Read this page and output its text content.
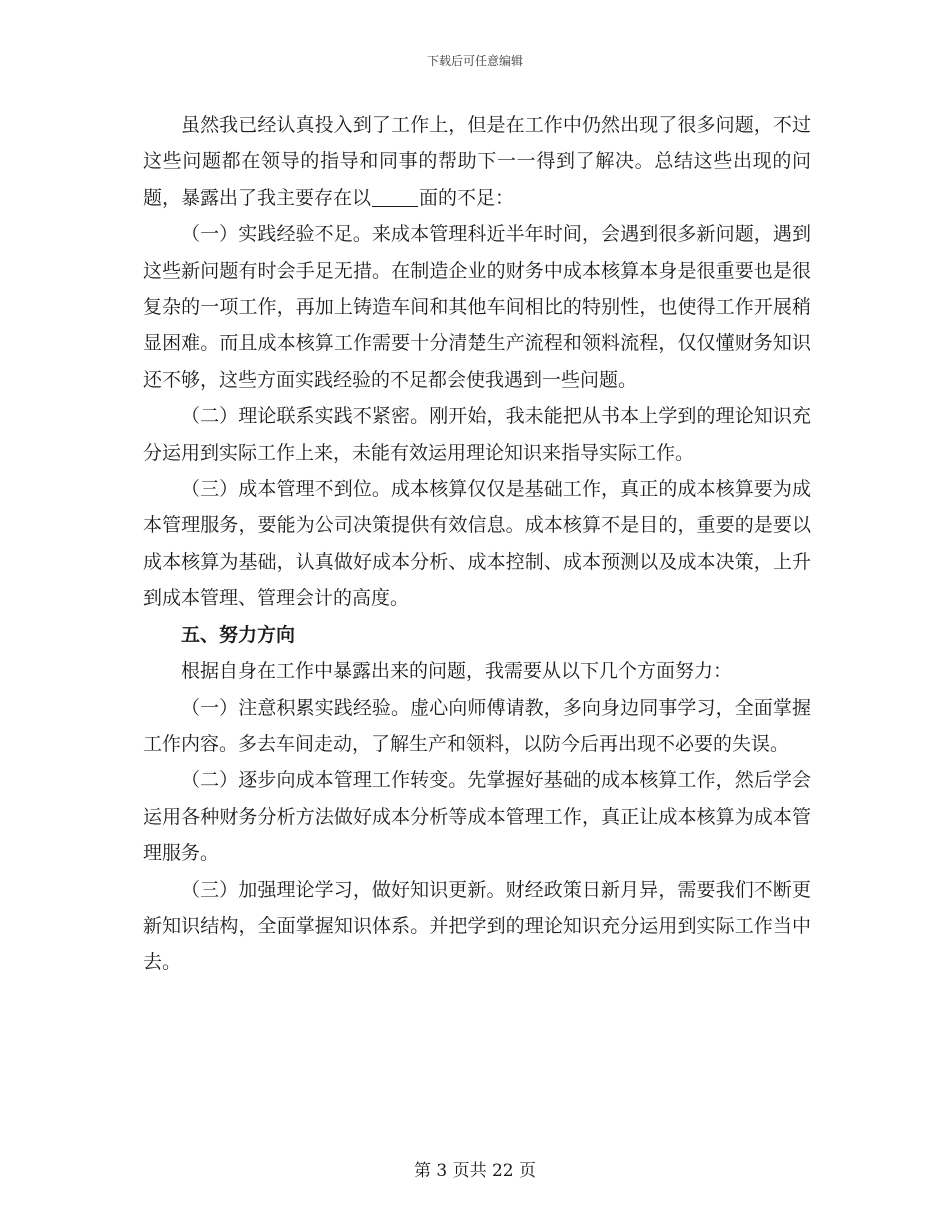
下载后可任意编辑

虽然我已经认真投入到了工作上，但是在工作中仍然出现了很多问题，不过这些问题都在领导的指导和同事的帮助下一一得到了解决。总结这些出现的问题，暴露出了我主要存在以	面的不足：

（一）实践经验不足。来成本管理科近半年时间，会遇到很多新问题，遇到这些新问题有时会手足无措。在制造企业的财务中成本核算本身是很重要也是很复杂的一项工作，再加上铸造车间和其他车间相比的特别性，也使得工作开展稍显困难。而且成本核算工作需要十分清楚生产流程和领料流程，仅仅懂财务知识还不够，这些方面实践经验的不足都会使我遇到一些问题。

（二）理论联系实践不紧密。刚开始，我未能把从书本上学到的理论知识充分运用到实际工作上来，未能有效运用理论知识来指导实际工作。

（三）成本管理不到位。成本核算仅仅是基础工作，真正的成本核算要为成本管理服务，要能为公司决策提供有效信息。成本核算不是目的，重要的是要以成本核算为基础，认真做好成本分析、成本控制、成本预测以及成本决策，上升到成本管理、管理会计的高度。

五、努力方向

根据自身在工作中暴露出来的问题，我需要从以下几个方面努力：

（一）注意积累实践经验。虚心向师傅请教，多向身边同事学习，全面掌握工作内容。多去车间走动，了解生产和领料，以防今后再出现不必要的失误。

（二）逐步向成本管理工作转变。先掌握好基础的成本核算工作，然后学会运用各种财务分析方法做好成本分析等成本管理工作，真正让成本核算为成本管理服务。

（三）加强理论学习，做好知识更新。财经政策日新月异，需要我们不断更新知识结构，全面掌握知识体系。并把学到的理论知识充分运用到实际工作当中去。

第 3 页共 22 页
